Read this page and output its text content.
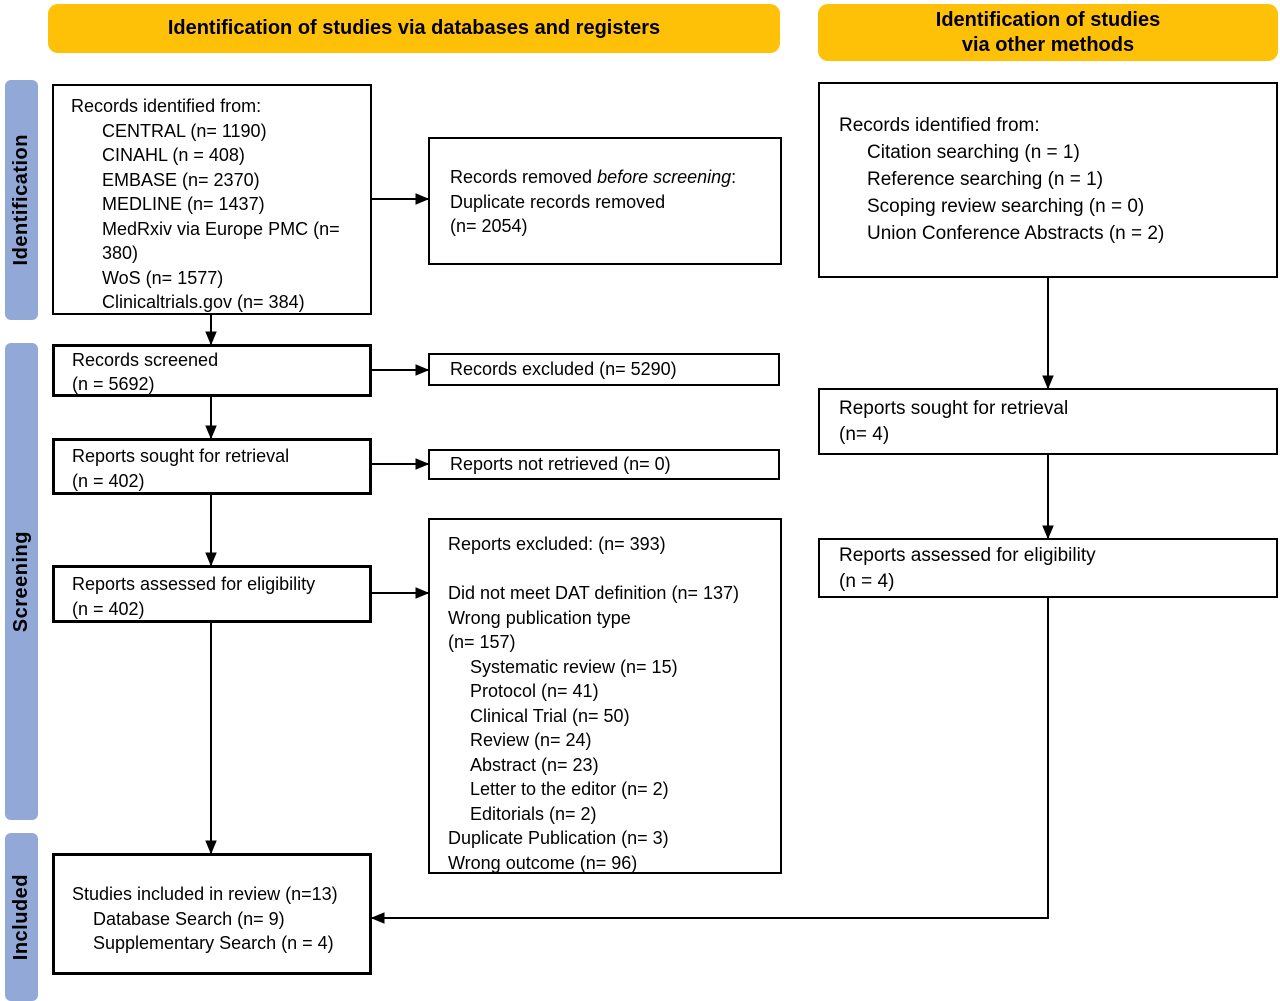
Identification of studies via databases and registers	Identification of studies
via other methods
Identification
Screening
Included
Records identified from:
CENTRAL (n= 1190)
CINAHL (n = 408)
EMBASE (n= 2370)
MEDLINE (n= 1437)
MedRxiv via Europe PMC (n=
380)
WoS (n= 1577)
Clinicaltrials.gov (n= 384)
Records removed before screening:
Duplicate records removed
(n= 2054)
Records screened
(n = 5692)
Records excluded (n= 5290)
Reports sought for retrieval
(n = 402)
Reports not retrieved (n= 0)
Reports assessed for eligibility
(n = 402)
Reports excluded: (n= 393)
Did not meet DAT definition (n= 137)
Wrong publication type
(n= 157)
Systematic review (n= 15)
Protocol (n= 41)
Clinical Trial (n= 50)
Review (n= 24)
Abstract (n= 23)
Letter to the editor (n= 2)
Editorials (n= 2)
Duplicate Publication (n= 3)
Wrong outcome (n= 96)
Studies included in review (n=13)
Database Search (n= 9)
Supplementary Search (n = 4)
Records identified from:
Citation searching (n = 1)
Reference searching (n = 1)
Scoping review searching (n = 0)
Union Conference Abstracts (n = 2)
Reports sought for retrieval
(n= 4)
Reports assessed for eligibility
(n = 4)
